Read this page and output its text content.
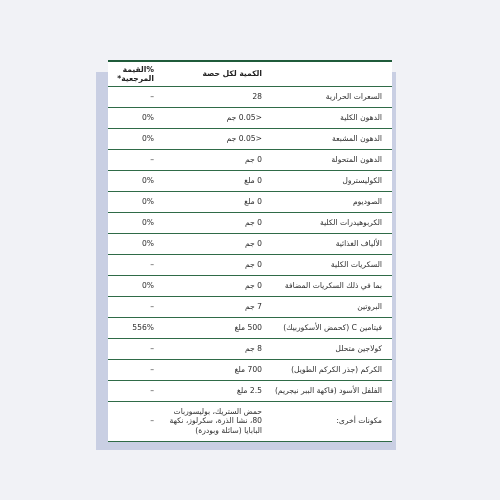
الكمية لكل حصة
%القيمة المرجعية*
السعرات الحرارية
28
–
الدهون الكلية
<0.05 جم
0%
الدهون المشبعة
<0.05 جم
0%
الدهون المتحولة
0 جم
–
الكوليسترول
0 ملغ
0%
الصوديوم
0 ملغ
0%
الكربوهيدرات الكلية
0 جم
0%
الألياف الغذائية
0 جم
0%
السكريات الكلية
0 جم
–
بما في ذلك السكريات المضافة
0 جم
0%
البروتين
7 جم
–
فيتامين C (كحمض الأسكوربيك)
500 ملغ
556%
كولاجين متحلل
8 جم
–
الكركم (جذر الكركم الطويل)
700 ملغ
–
الفلفل الأسود (فاكهة الببر نيجريم)
2.5 ملغ
–
مكونات أخرى:
حمض الستريك، بوليسوربات 80، نشا الذرة، سكرلوز، نكهة البابايا (سائلة وبودرة)
–
